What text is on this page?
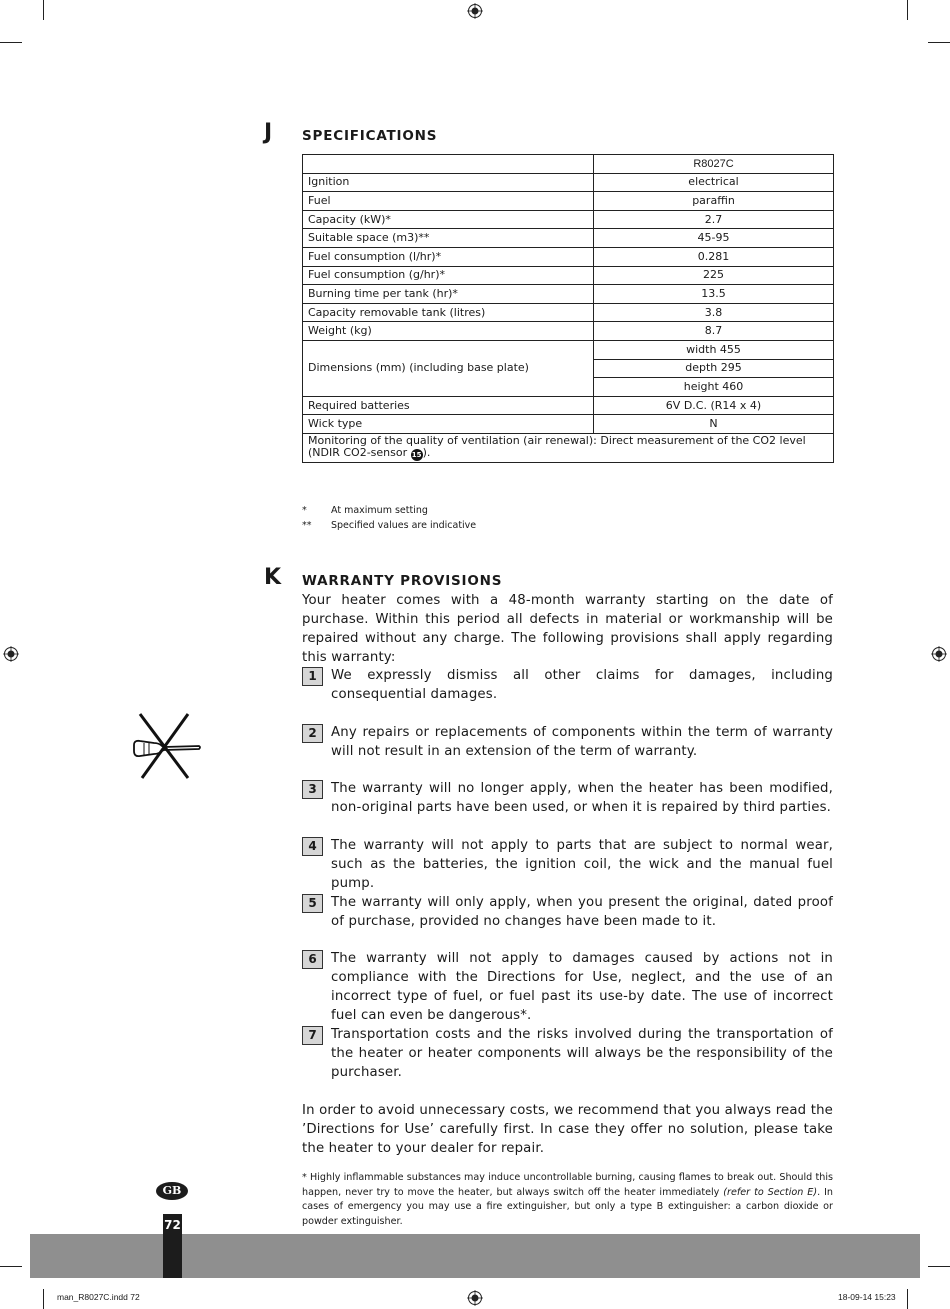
J SPECIFICATIONS
	R8027C
Ignition	electrical
Fuel	paraffin
Capacity (kW)*	2.7
Suitable space (m3)**	45-95
Fuel consumption (l/hr)*	0.281
Fuel consumption (g/hr)*	225
Burning time per tank (hr)*	13.5
Capacity removable tank (litres)	3.8
Weight (kg)	8.7
Dimensions (mm) (including base plate)	width 455
	depth 295
	height 460
Required batteries	6V D.C. (R14 x 4)
Wick type	N
Monitoring of the quality of ventilation (air renewal): Direct measurement of the CO2 level (NDIR CO2-sensor 15).	
*	At maximum setting
** Specified values are indicative
K WARRANTY PROVISIONS
Your heater comes with a 48-month warranty starting on the date of purchase. Within this period all defects in material or workmanship will be repaired without any charge. The following provisions shall apply regarding this warranty:
1	We expressly dismiss all other claims for damages, including consequential damages.
2	Any repairs or replacements of components within the term of warranty will not result in an extension of the term of warranty.
3	The warranty will no longer apply, when the heater has been modified, non-original parts have been used, or when it is repaired by third parties.
4	The warranty will not apply to parts that are subject to normal wear, such as the batteries, the ignition coil, the wick and the manual fuel pump.
5	The warranty will only apply, when you present the original, dated proof of purchase, provided no changes have been made to it.
6	The warranty will not apply to damages caused by actions not in compliance with the Directions for Use, neglect, and the use of an incorrect type of fuel, or fuel past its use-by date. The use of incorrect fuel can even be dangerous*.
7	Transportation costs and the risks involved during the transportation of the heater or heater components will always be the responsibility of the purchaser.
In order to avoid unnecessary costs, we recommend that you always read the ’Directions for Use’ carefully first. In case they offer no solution, please take the heater to your dealer for repair.
* Highly inflammable substances may induce uncontrollable burning, causing flames to break out. Should this happen, never try to move the heater, but always switch off the heater immediately (refer to Section E). In cases of emergency you may use a fire extinguisher, but only a type B extinguisher: a carbon dioxide or powder extinguisher.
72
GB
man_R8027C.indd 72	18-09-14 15:23
